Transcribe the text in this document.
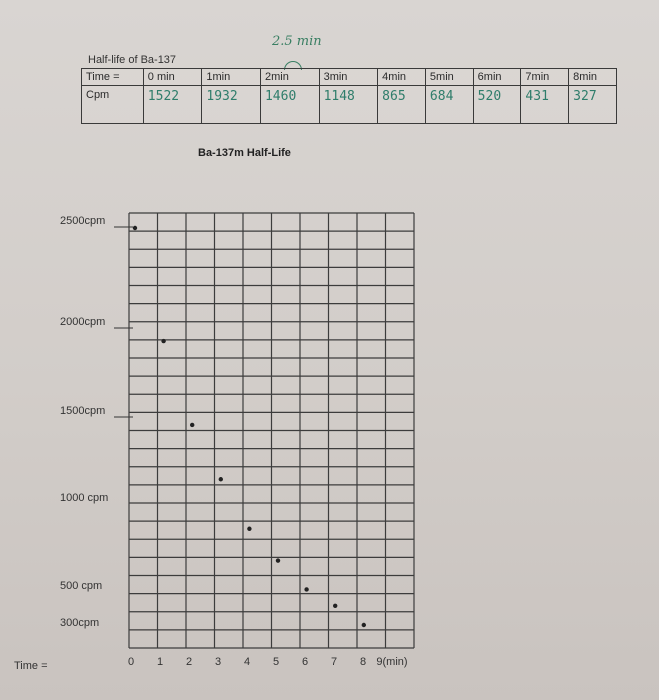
2.5 min
Half-life of Ba-137
Time =	0 min	1min	2min	3min	4min	5min	6min	7min	8min
Cpm	1522	1932	1460	1148	865	684	520	431	327
Ba-137m Half-Life
Time =
2500cpm
2000cpm
1500cpm
1000 cpm
500 cpm
300cpm
0 1 2 3 4 5 6 7 8 9(min)
